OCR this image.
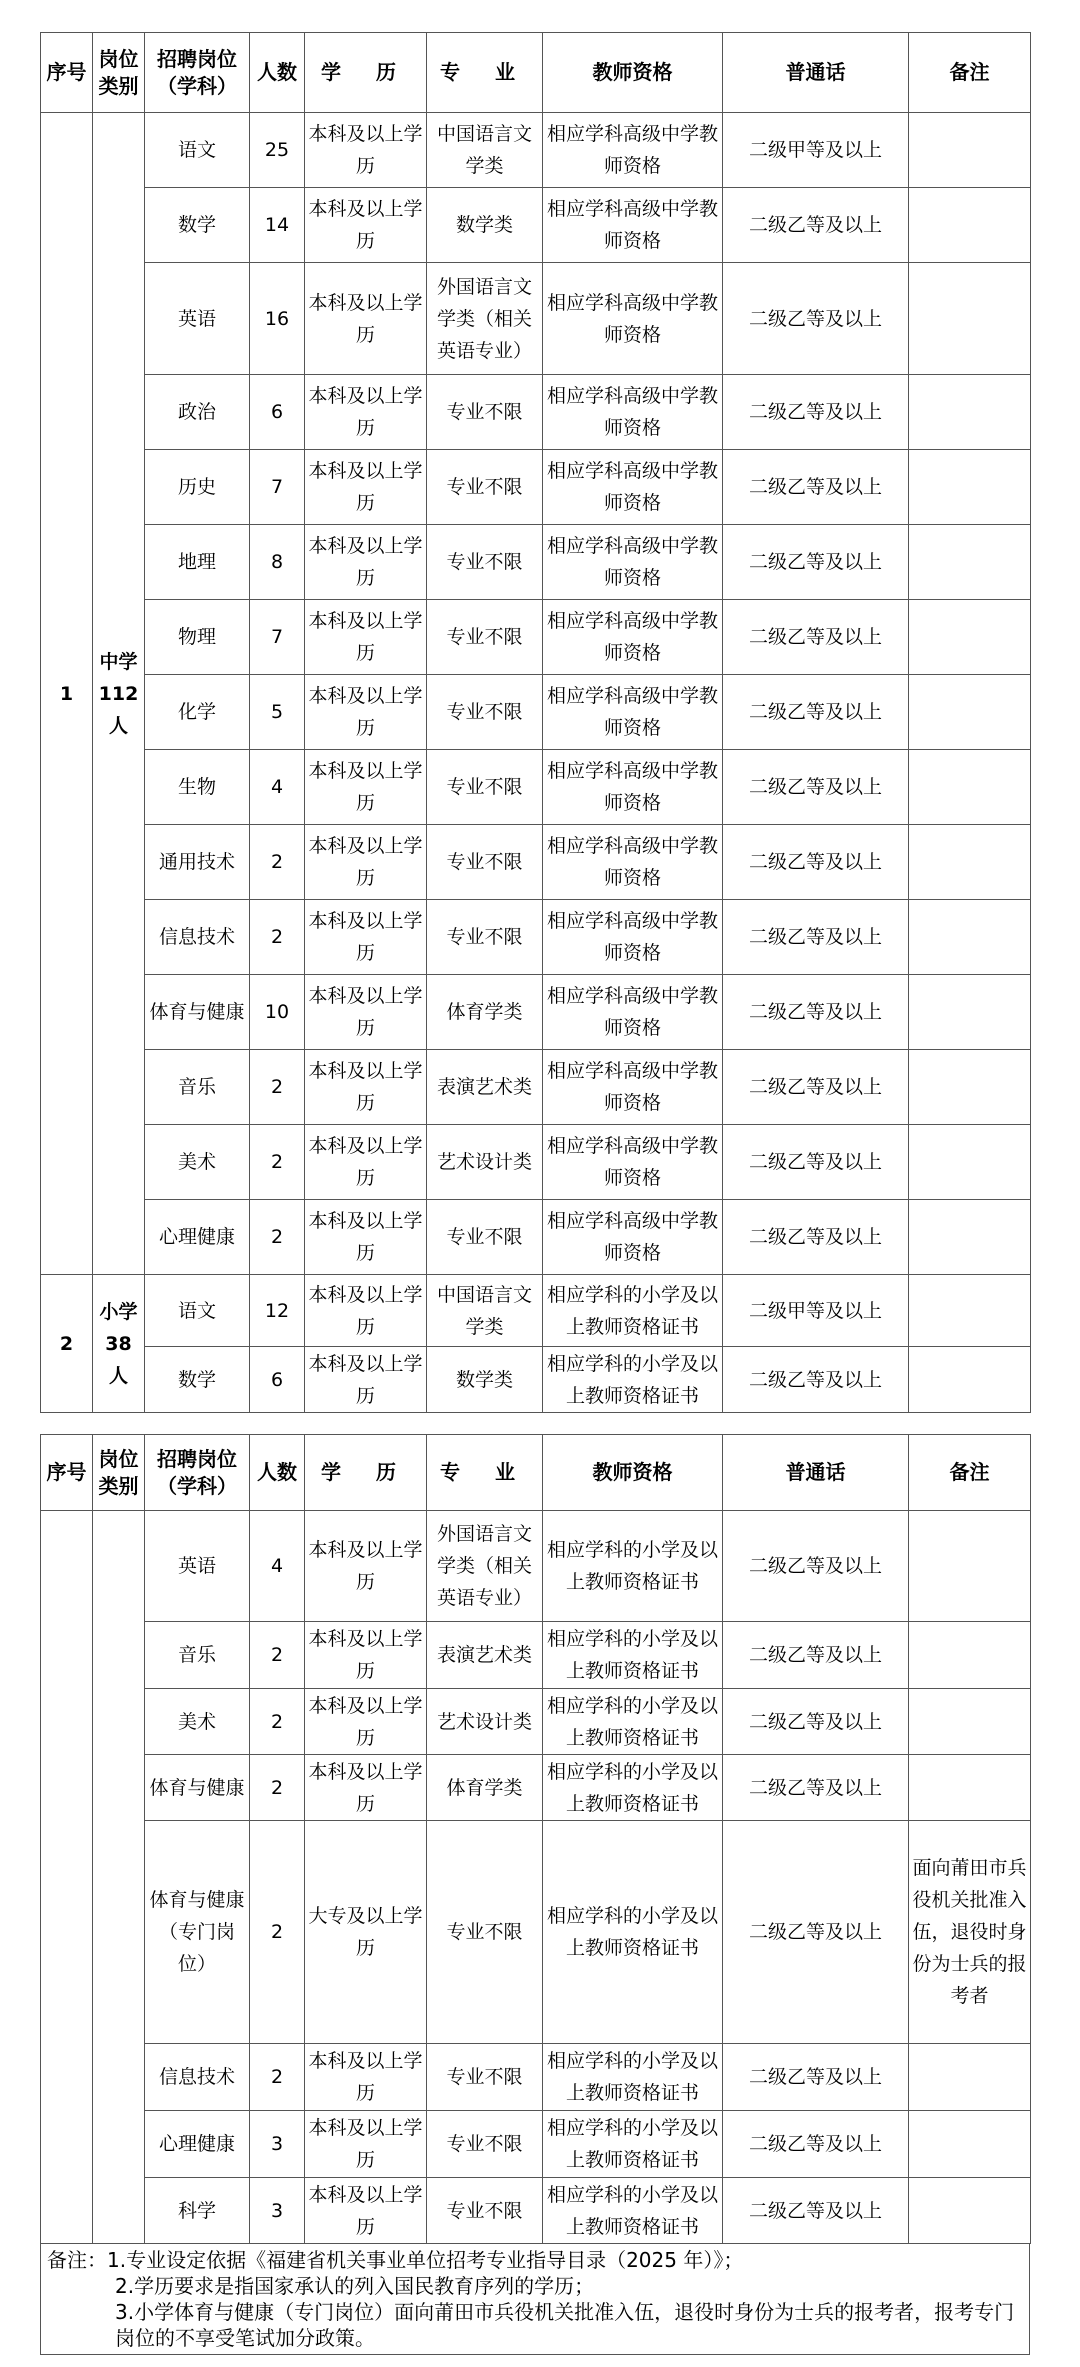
序号	岗位类别	招聘岗位（学科）	人数	学 历	专 业	教师资格	普通话	备注
1	中学112人	语文	25	本科及以上学历	中国语言文学类	相应学科高级中学教师资格	二级甲等及以上	
		数学	14	本科及以上学历	数学类	相应学科高级中学教师资格	二级乙等及以上	
		英语	16	本科及以上学历	外国语言文学类（相关英语专业）	相应学科高级中学教师资格	二级乙等及以上	
		政治	6	本科及以上学历	专业不限	相应学科高级中学教师资格	二级乙等及以上	
		历史	7	本科及以上学历	专业不限	相应学科高级中学教师资格	二级乙等及以上	
		地理	8	本科及以上学历	专业不限	相应学科高级中学教师资格	二级乙等及以上	
		物理	7	本科及以上学历	专业不限	相应学科高级中学教师资格	二级乙等及以上	
		化学	5	本科及以上学历	专业不限	相应学科高级中学教师资格	二级乙等及以上	
		生物	4	本科及以上学历	专业不限	相应学科高级中学教师资格	二级乙等及以上	
		通用技术	2	本科及以上学历	专业不限	相应学科高级中学教师资格	二级乙等及以上	
		信息技术	2	本科及以上学历	专业不限	相应学科高级中学教师资格	二级乙等及以上	
		体育与健康	10	本科及以上学历	体育学类	相应学科高级中学教师资格	二级乙等及以上	
		音乐	2	本科及以上学历	表演艺术类	相应学科高级中学教师资格	二级乙等及以上	
		美术	2	本科及以上学历	艺术设计类	相应学科高级中学教师资格	二级乙等及以上	
		心理健康	2	本科及以上学历	专业不限	相应学科高级中学教师资格	二级乙等及以上	
2	小学38人	语文	12	本科及以上学历	中国语言文学类	相应学科的小学及以上教师资格证书	二级甲等及以上	
		数学	6	本科及以上学历	数学类	相应学科的小学及以上教师资格证书	二级乙等及以上	
序号	岗位类别	招聘岗位（学科）	人数	学 历	专 业	教师资格	普通话	备注
		英语	4	本科及以上学历	外国语言文学类（相关英语专业）	相应学科的小学及以上教师资格证书	二级乙等及以上	
		音乐	2	本科及以上学历	表演艺术类	相应学科的小学及以上教师资格证书	二级乙等及以上	
		美术	2	本科及以上学历	艺术设计类	相应学科的小学及以上教师资格证书	二级乙等及以上	
		体育与健康	2	本科及以上学历	体育学类	相应学科的小学及以上教师资格证书	二级乙等及以上	
		体育与健康（专门岗位）	2	大专及以上学历	专业不限	相应学科的小学及以上教师资格证书	二级乙等及以上	面向莆田市兵役机关批准入伍，退役时身份为士兵的报考者
		信息技术	2	本科及以上学历	专业不限	相应学科的小学及以上教师资格证书	二级乙等及以上	
		心理健康	3	本科及以上学历	专业不限	相应学科的小学及以上教师资格证书	二级乙等及以上	
		科学	3	本科及以上学历	专业不限	相应学科的小学及以上教师资格证书	二级乙等及以上	
备注：1.专业设定依据《福建省机关事业单位招考专业指导目录（2025 年）》；
2.学历要求是指国家承认的列入国民教育序列的学历；
3.小学体育与健康（专门岗位）面向莆田市兵役机关批准入伍，退役时身份为士兵的报考者，报考专门岗位的不享受笔试加分政策。
